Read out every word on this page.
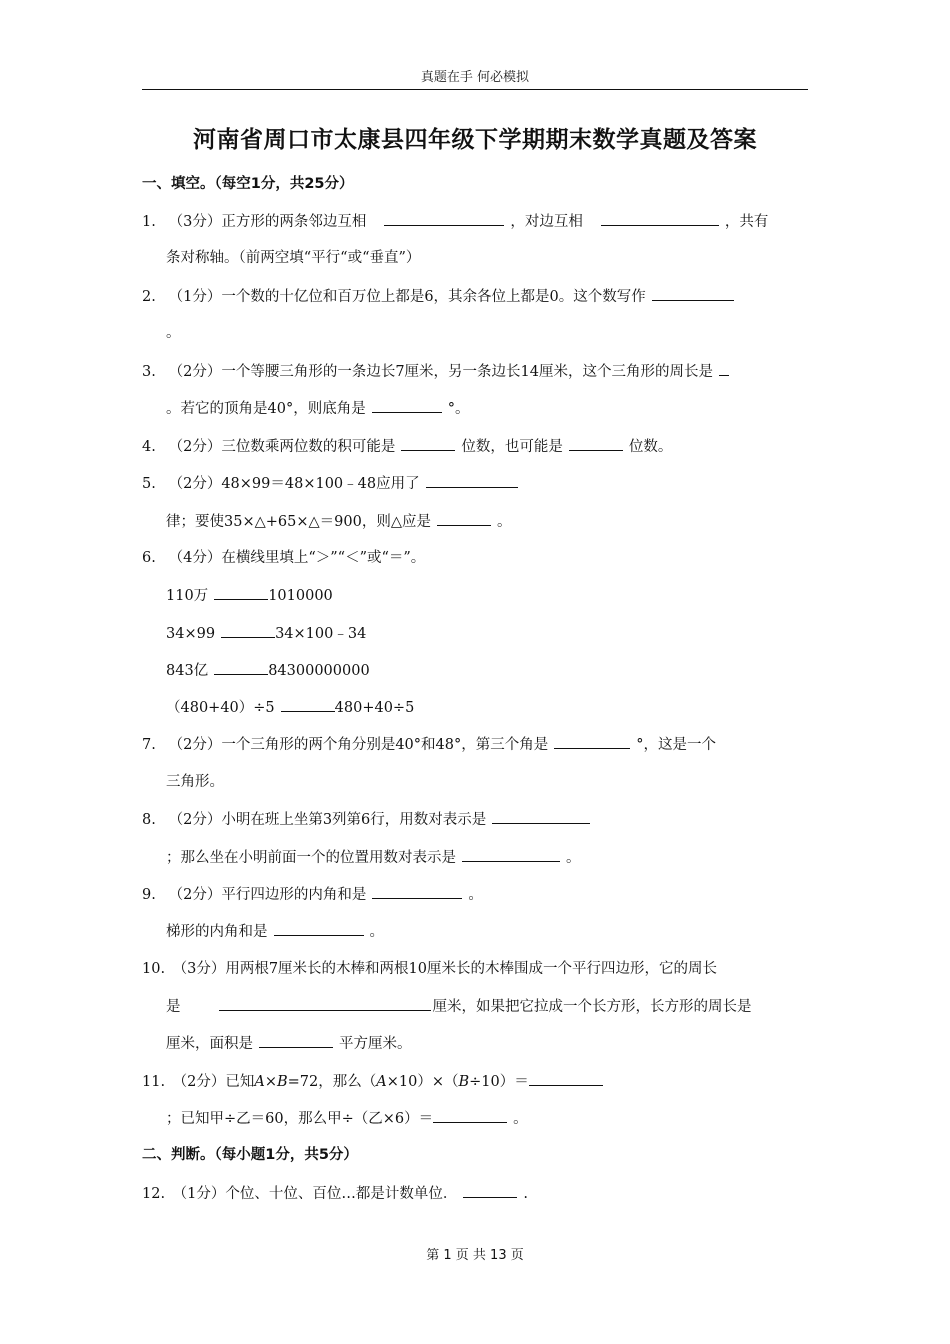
真题在手 何必模拟
河南省周口市太康县四年级下学期期末数学真题及答案
一、填空。（每空1分，共25分）
1. （3分）正方形的两条邻边互相	，对边互相	，共有
条对称轴。（前两空填“平行“或“垂直”）
2. （1分）一个数的十亿位和百万位上都是6，其余各位上都是0。这个数写作
。
3. （2分）一个等腰三角形的一条边长7厘米，另一条边长14厘米，这个三角形的周长是
。若它的顶角是40°，则底角是	°。
4. （2分）三位数乘两位数的积可能是	位数，也可能是	位数。
5. （2分）48×99＝48×100﹣48应用了
律；要使35×△+65×△＝900，则△应是	。
6. （4分）在横线里填上“＞”“＜”或“＝”。
110万	1010000
34×99	34×100﹣34
843亿	84300000000
（480+40）÷5	480+40÷5
7. （2分）一个三角形的两个角分别是40°和48°，第三个角是	°，这是一个
三角形。
8. （2分）小明在班上坐第3列第6行，用数对表示是
；那么坐在小明前面一个的位置用数对表示是	。
9. （2分）平行四边形的内角和是	。
梯形的内角和是	。
10. （3分）用两根7厘米长的木棒和两根10厘米长的木棒围成一个平行四边形，它的周长
是	厘米，如果把它拉成一个长方形，长方形的周长是
厘米，面积是	平方厘米。
11. （2分）已知A×B=72，那么（A×10）×（B÷10）＝
；已知甲÷乙＝60，那么甲÷（乙×6）＝	。
二、判断。（每小题1分，共5分）
12. （1分）个位、十位、百位…都是计数单位．	.
第 1 页 共 13 页
